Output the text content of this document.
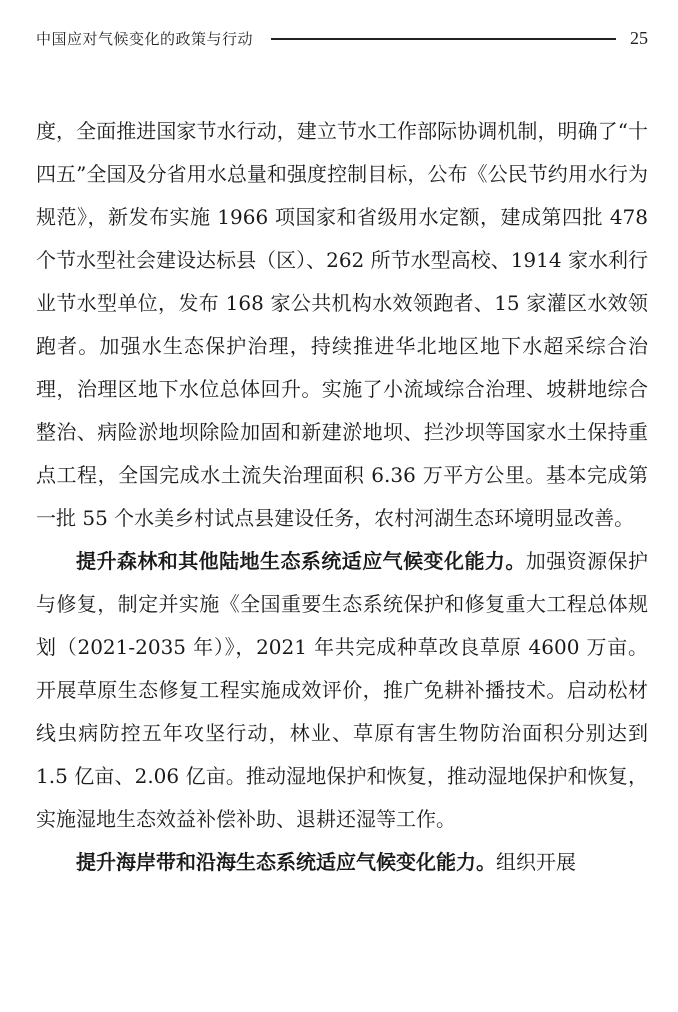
中国应对气候变化的政策与行动	25

度，全面推进国家节水行动，建立节水工作部际协调机制，明确了“十四五”全国及分省用水总量和强度控制目标，公布《公民节约用水行为规范》，新发布实施 1966 项国家和省级用水定额，建成第四批 478 个节水型社会建设达标县（区）、262 所节水型高校、1914 家水利行业节水型单位，发布 168 家公共机构水效领跑者、15 家灌区水效领跑者。加强水生态保护治理，持续推进华北地区地下水超采综合治理，治理区地下水位总体回升。实施了小流域综合治理、坡耕地综合整治、病险淤地坝除险加固和新建淤地坝、拦沙坝等国家水土保持重点工程，全国完成水土流失治理面积 6.36 万平方公里。基本完成第一批 55 个水美乡村试点县建设任务，农村河湖生态环境明显改善。

提升森林和其他陆地生态系统适应气候变化能力。加强资源保护与修复，制定并实施《全国重要生态系统保护和修复重大工程总体规划（2021-2035 年）》，2021 年共完成种草改良草原 4600 万亩。开展草原生态修复工程实施成效评价，推广免耕补播技术。启动松材线虫病防控五年攻坚行动，林业、草原有害生物防治面积分别达到 1.5 亿亩、2.06 亿亩。推动湿地保护和恢复，推动湿地保护和恢复，实施湿地生态效益补偿补助、退耕还湿等工作。

提升海岸带和沿海生态系统适应气候变化能力。组织开展
